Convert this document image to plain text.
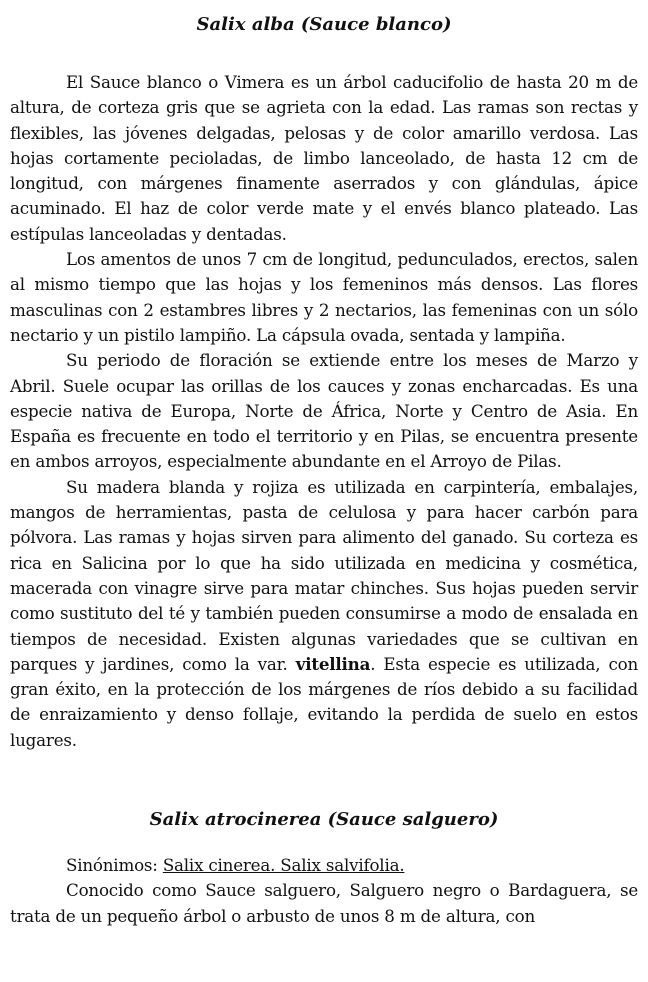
Salix alba (Sauce blanco)

El Sauce blanco o Vimera es un árbol caducifolio de hasta 20 m de altura, de corteza gris que se agrieta con la edad. Las ramas son rectas y flexibles, las jóvenes delgadas, pelosas y de color amarillo verdosa. Las hojas cortamente pecioladas, de limbo lanceolado, de hasta 12 cm de longitud, con márgenes finamente aserrados y con glándulas, ápice acuminado. El haz de color verde mate y el envés blanco plateado. Las estípulas lanceoladas y dentadas.

Los amentos de unos 7 cm de longitud, pedunculados, erectos, salen al mismo tiempo que las hojas y los femeninos más densos. Las flores masculinas con 2 estambres libres y 2 nectarios, las femeninas con un sólo nectario y un pistilo lampiño. La cápsula ovada, sentada y lampiña.

Su periodo de floración se extiende entre los meses de Marzo y Abril. Suele ocupar las orillas de los cauces y zonas encharcadas. Es una especie nativa de Europa, Norte de África, Norte y Centro de Asia. En España es frecuente en todo el territorio y en Pilas, se encuentra presente en ambos arroyos, especialmente abundante en el Arroyo de Pilas.

Su madera blanda y rojiza es utilizada en carpintería, embalajes, mangos de herramientas, pasta de celulosa y para hacer carbón para pólvora. Las ramas y hojas sirven para alimento del ganado. Su corteza es rica en Salicina por lo que ha sido utilizada en medicina y cosmética, macerada con vinagre sirve para matar chinches. Sus hojas pueden servir como sustituto del té y también pueden consumirse a modo de ensalada en tiempos de necesidad. Existen algunas variedades que se cultivan en parques y jardines, como la var. vitellina. Esta especie es utilizada, con gran éxito, en la protección de los márgenes de ríos debido a su facilidad de enraizamiento y denso follaje, evitando la perdida de suelo en estos lugares.

Salix atrocinerea (Sauce salguero)

Sinónimos: Salix cinerea. Salix salvifolia.

Conocido como Sauce salguero, Salguero negro o Bardaguera, se trata de un pequeño árbol o arbusto de unos 8 m de altura, con
